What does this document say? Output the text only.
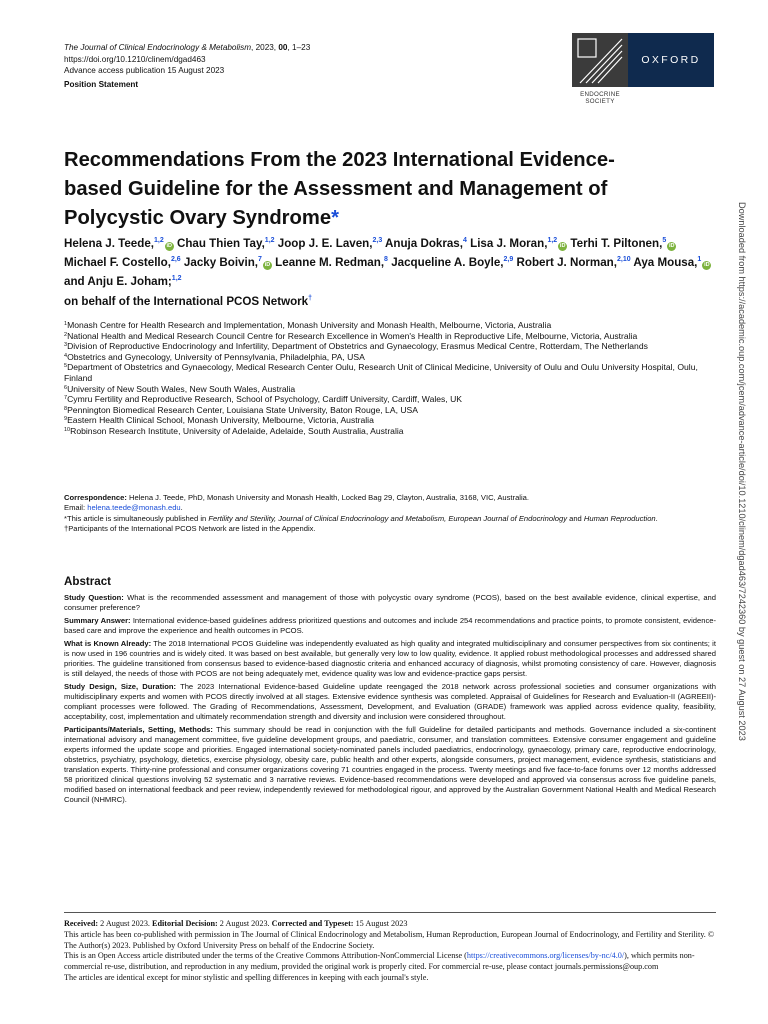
The Journal of Clinical Endocrinology & Metabolism, 2023, 00, 1–23
https://doi.org/10.1210/clinem/dgad463
Advance access publication 15 August 2023
Position Statement
ENDOCRINE
SOCIETY
OXFORD
Recommendations From the 2023 International Evidence-based Guideline for the Assessment and Management of Polycystic Ovary Syndrome*
Helena J. Teede,$^{1,2}$iD Chau Thien Tay,$^{1,2}$ Joop J. E. Laven,$^{2,3}$ Anuja Dokras,$^4$ Lisa J. Moran,$^{1,2}$iD Terhi T. Piltonen,$^5$iD Michael F. Costello,$^{2,6}$ Jacky Boivin,$^7$iD Leanne M. Redman,$^8$ Jacqueline A. Boyle,$^{2,9}$ Robert J. Norman,$^{2,10}$ Aya Mousa,$^1$iD and Anju E. Joham;$^{1,2}$
on behalf of the International PCOS Network†
$^1$Monash Centre for Health Research and Implementation, Monash University and Monash Health, Melbourne, Victoria, Australia
$^2$National Health and Medical Research Council Centre for Research Excellence in Women's Health in Reproductive Life, Melbourne, Victoria, Australia
$^3$Division of Reproductive Endocrinology and Infertility, Department of Obstetrics and Gynaecology, Erasmus Medical Centre, Rotterdam, The Netherlands
$^4$Obstetrics and Gynecology, University of Pennsylvania, Philadelphia, PA, USA
$^5$Department of Obstetrics and Gynaecology, Medical Research Center Oulu, Research Unit of Clinical Medicine, University of Oulu and Oulu University Hospital, Oulu, Finland
$^6$University of New South Wales, New South Wales, Australia
$^7$Cymru Fertility and Reproductive Research, School of Psychology, Cardiff University, Cardiff, Wales, UK
$^8$Pennington Biomedical Research Center, Louisiana State University, Baton Rouge, LA, USA
$^9$Eastern Health Clinical School, Monash University, Melbourne, Victoria, Australia
$^{10}$Robinson Research Institute, University of Adelaide, Adelaide, South Australia, Australia
Correspondence: Helena J. Teede, PhD, Monash University and Monash Health, Locked Bag 29, Clayton, Australia, 3168, VIC, Australia.
Email: helena.teede@monash.edu.
*This article is simultaneously published in Fertility and Sterility, Journal of Clinical Endocrinology and Metabolism, European Journal of Endocrinology and Human Reproduction.
†Participants of the International PCOS Network are listed in the Appendix.
Abstract

Study Question: What is the recommended assessment and management of those with polycystic ovary syndrome (PCOS), based on the best available evidence, clinical expertise, and consumer preference?

Summary Answer: International evidence-based guidelines address prioritized questions and outcomes and include 254 recommendations and practice points, to promote consistent, evidence-based care and improve the experience and health outcomes in PCOS.

What is Known Already: The 2018 International PCOS Guideline was independently evaluated as high quality and integrated multidisciplinary and consumer perspectives from six continents; it is now used in 196 countries and is widely cited. It was based on best available, but generally very low to low quality, evidence. It applied robust methodological processes and addressed shared priorities. The guideline transitioned from consensus based to evidence-based diagnostic criteria and enhanced accuracy of diagnosis, whilst promoting consistency of care. However, diagnosis is still delayed, the needs of those with PCOS are not being adequately met, evidence quality was low and evidence-practice gaps persist.

Study Design, Size, Duration: The 2023 International Evidence-based Guideline update reengaged the 2018 network across professional societies and consumer organizations with multidisciplinary experts and women with PCOS directly involved at all stages. Extensive evidence synthesis was completed. Appraisal of Guidelines for Research and Evaluation-II (AGREEII)-compliant processes were followed. The Grading of Recommendations, Assessment, Development, and Evaluation (GRADE) framework was applied across evidence quality, feasibility, acceptability, cost, implementation and ultimately recommendation strength and diversity and inclusion were considered throughout.

Participants/Materials, Setting, Methods: This summary should be read in conjunction with the full Guideline for detailed participants and methods. Governance included a six-continent international advisory and management committee, five guideline development groups, and paediatric, consumer, and translation committees. Extensive consumer engagement and guideline experts informed the update scope and priorities. Engaged international society-nominated panels included paediatrics, endocrinology, gynaecology, primary care, reproductive endocrinology, obstetrics, psychiatry, psychology, dietetics, exercise physiology, obesity care, public health and other experts, alongside consumers, project management, evidence synthesis, statisticians and translation experts. Thirty-nine professional and consumer organizations covering 71 countries engaged in the process. Twenty meetings and five face-to-face forums over 12 months addressed 58 prioritized clinical questions involving 52 systematic and 3 narrative reviews. Evidence-based recommendations were developed and approved via consensus across five guideline panels, modified based on international feedback and peer review, independently reviewed for methodological rigour, and approved by the Australian Government National Health and Medical Research Council (NHMRC).

Received: 2 August 2023. Editorial Decision: 2 August 2023. Corrected and Typeset: 15 August 2023

This article has been co-published with permission in The Journal of Clinical Endocrinology and Metabolism, Human Reproduction, European Journal of Endocrinology, and Fertility and Sterility. © The Author(s) 2023. Published by Oxford University Press on behalf of the Endocrine Society.

This is an Open Access article distributed under the terms of the Creative Commons Attribution-NonCommercial License (https://creativecommons.org/licenses/by-nc/4.0/), which permits non-commercial re-use, distribution, and reproduction in any medium, provided the original work is properly cited. For commercial re-use, please contact journals.permissions@oup.com

The articles are identical except for minor stylistic and spelling differences in keeping with each journal's style.

Downloaded from https://academic.oup.com/jcem/advance-article/doi/10.1210/clinem/dgad463/7242360 by guest on 27 August 2023
